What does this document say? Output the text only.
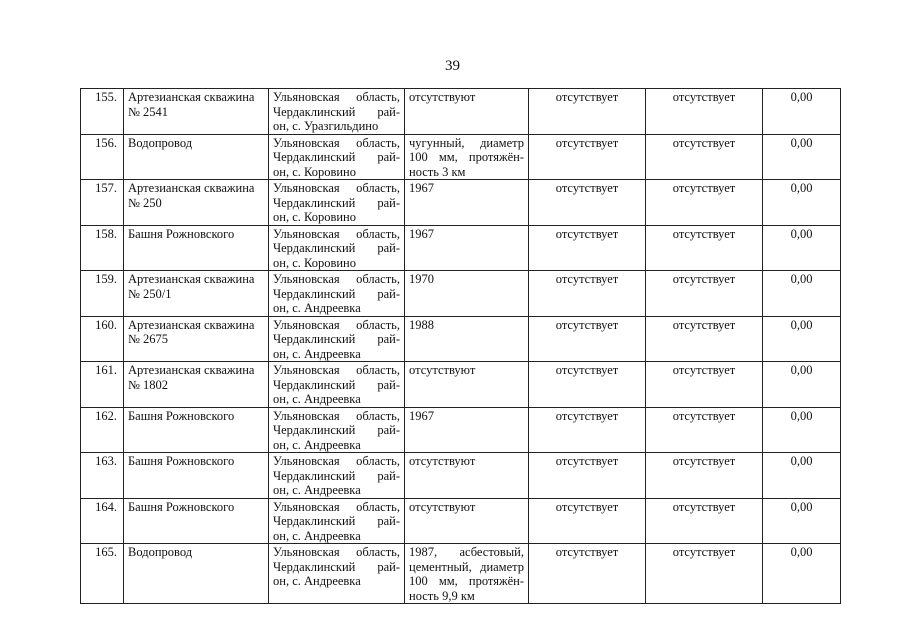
39
155.	Артезианская скважина № 2541	Ульяновская область,
Чердаклинский рай-
он, с. Уразгильдино	отсутствуют	отсутствует	отсутствует	0,00
156.	Водопровод	Ульяновская область,
Чердаклинский рай-
он, с. Коровино	чугунный, диаметр
100 мм, протяжён-
ность 3 км	отсутствует	отсутствует	0,00
157.	Артезианская скважина № 250	Ульяновская область,
Чердаклинский рай-
он, с. Коровино	1967	отсутствует	отсутствует	0,00
158.	Башня Рожновского	Ульяновская область,
Чердаклинский рай-
он, с. Коровино	1967	отсутствует	отсутствует	0,00
159.	Артезианская скважина № 250/1	Ульяновская область,
Чердаклинский рай-
он, с. Андреевка	1970	отсутствует	отсутствует	0,00
160.	Артезианская скважина № 2675	Ульяновская область,
Чердаклинский рай-
он, с. Андреевка	1988	отсутствует	отсутствует	0,00
161.	Артезианская скважина № 1802	Ульяновская область,
Чердаклинский рай-
он, с. Андреевка	отсутствуют	отсутствует	отсутствует	0,00
162.	Башня Рожновского	Ульяновская область,
Чердаклинский рай-
он, с. Андреевка	1967	отсутствует	отсутствует	0,00
163.	Башня Рожновского	Ульяновская область,
Чердаклинский рай-
он, с. Андреевка	отсутствуют	отсутствует	отсутствует	0,00
164.	Башня Рожновского	Ульяновская область,
Чердаклинский рай-
он, с. Андреевка	отсутствуют	отсутствует	отсутствует	0,00
165.	Водопровод	Ульяновская область,
Чердаклинский рай-
он, с. Андреевка	1987, асбестовый,
цементный, диаметр
100 мм, протяжён-
ность 9,9 км	отсутствует	отсутствует	0,00
